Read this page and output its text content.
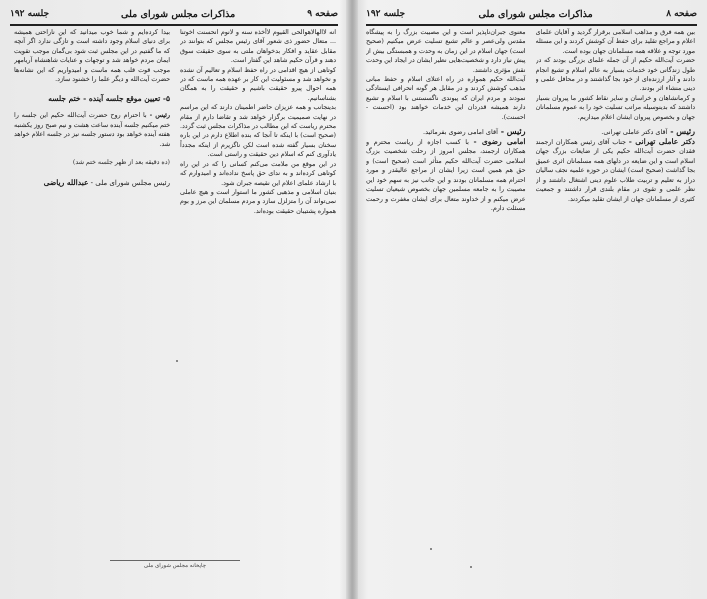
صفحه ۹
مذاکرات مجلس شورای ملی
جلسه ۱۹۲

انه لاالهالاهوالحی القیوم لاأخذه سنه و لانوم انحسنت اخوتنا ... متعال حضور ذی شعور آقای رئیس مجلس که بتوانند در مقابل عقاید و افکار بدخواهان ملتی به سوی حقیقت سوق دهند و قرآن حکیم شاهد این گفتار است.

کوتاهی از هیچ اقدامی در راه حفظ اسلام و تعالیم آن نشده و نخواهد شد و مسئولیت این کار بر عهده همه ماست که در همه احوال پیرو حقیقت باشیم و حقیقت را به همگان بشناسانیم.

بدینجانب و همه عزیزان حاضر اطمینان دارند که این مراسم در نهایت صمیمیت برگزار خواهد شد و تقاضا دارم از مقام محترم ریاست که این مطالب در مذاکرات مجلس ثبت گردد.

(صحیح است) با اینکه تا آنجا که بنده اطلاع دارم در این باره سخنان بسیار گفته شده است لکن ناگزیرم از اینکه مجدداً یادآوری کنم که اسلام دین حقیقت و راستی است.

در این موقع من ملامت می‌کنم کسانی را که در این راه کوتاهی کرده‌اند و به ندای حق پاسخ نداده‌اند و امیدوارم که با ارشاد علمای اعلام این نقیصه جبران شود.

بنیان اسلامی و مذهبی کشور ما استوار است و هیچ عاملی نمی‌تواند آن را متزلزل سازد و مردم مسلمان این مرز و بوم همواره پشتیبان حقیقت بوده‌اند.

بیدا کرده‌ایم و شما خوب میدانید که این ناراحتی همیشه برای دنیای اسلام وجود داشته است و تازگی ندارد اگر آنچه که ما گفتیم در این مجلس ثبت شود بی‌گمان موجب تقویت ایمان مردم خواهد شد و توجهات و عنایات شاهنشاه آریامهر موجب قوت قلب همه ماست و امیدواریم که این نشانه‌ها حضرت آیت‌الله و دیگر علما را خشنود سازد.

۵- تعیین موقع جلسه آینده - ختم جلسه

رئیس - با احترام روح حضرت آیت‌الله حکیم این جلسه را ختم میکنیم جلسه آینده ساعت هشت و نیم صبح روز یکشنبه هفته آینده خواهد بود دستور جلسه نیز در جلسه اعلام خواهد شد.

(ده دقیقه بعد از ظهر جلسه ختم شد)
رئیس مجلس شورای ملی - عبدالله ریاضی
چاپخانه مجلس شورای ملی
صفحه ۸
مذاکرات مجلس شورای ملی
جلسه ۱۹۲

بین همه فرق و مذاهب اسلامی برقرار گردید و آقایان علمای اعلام و مراجع تقلید برای حفظ آن کوشش کردند و این مسئله مورد توجه و علاقه همه مسلمانان جهان بوده است.

حضرت آیت‌الله حکیم از آن جمله علمای بزرگی بودند که در طول زندگانی خود خدمات بسیار به عالم اسلام و تشیع انجام دادند و آثار ارزنده‌ای از خود بجا گذاشتند و در محافل علمی و دینی منشاء اثر بودند.

و کرمانشاهان و خراسان و سایر نقاط کشور ما پیروان بسیار داشتند که بدینوسیله مراتب تسلیت خود را به عموم مسلمانان جهان و بخصوص پیروان ایشان اعلام میداریم.

رئیس - آقای دکتر عاملی تهرانی.

دکتر عاملی تهرانی - جناب آقای رئیس همکاران ارجمند فقدان حضرت آیت‌الله حکیم یکی از ضایعات بزرگ جهان اسلام است و این ضایعه در دلهای همه مسلمانان اثری عمیق بجا گذاشت (صحیح است) ایشان در حوزه علمیه نجف سالیان دراز به تعلیم و تربیت طلاب علوم دینی اشتغال داشتند و از نظر علمی و تقوی در مقام بلندی قرار داشتند و جمعیت کثیری از مسلمانان جهان از ایشان تقلید میکردند.

معنوی جبران‌ناپذیر است و این مصیبت بزرگ را به پیشگاه مقدس ولی‌عصر و عالم تشیع تسلیت عرض میکنیم (صحیح است) جهان اسلام در این زمان به وحدت و همبستگی بیش از پیش نیاز دارد و شخصیت‌هایی نظیر ایشان در ایجاد این وحدت نقش مؤثری داشتند.

آیت‌الله حکیم همواره در راه اعتلای اسلام و حفظ مبانی مذهب کوشش کردند و در مقابل هر گونه انحرافی ایستادگی نمودند و مردم ایران که پیوندی ناگسستنی با اسلام و تشیع دارند همیشه قدردان این خدمات خواهند بود (احسنت - احسنت).

رئیس - آقای امامی رضوی بفرمائید.

امامی رضوی - با کسب اجازه از ریاست محترم و همکاران ارجمند، مجلس امروز از رحلت شخصیت بزرگ اسلامی حضرت آیت‌الله حکیم متأثر است (صحیح است) و حق هم همین است زیرا ایشان از مراجع عالیقدر و مورد احترام همه مسلمانان بودند و این جانب نیز به سهم خود این مصیبت را به جامعه مسلمین جهان بخصوص شیعیان تسلیت عرض میکنم و از خداوند متعال برای ایشان مغفرت و رحمت مسئلت دارم.
